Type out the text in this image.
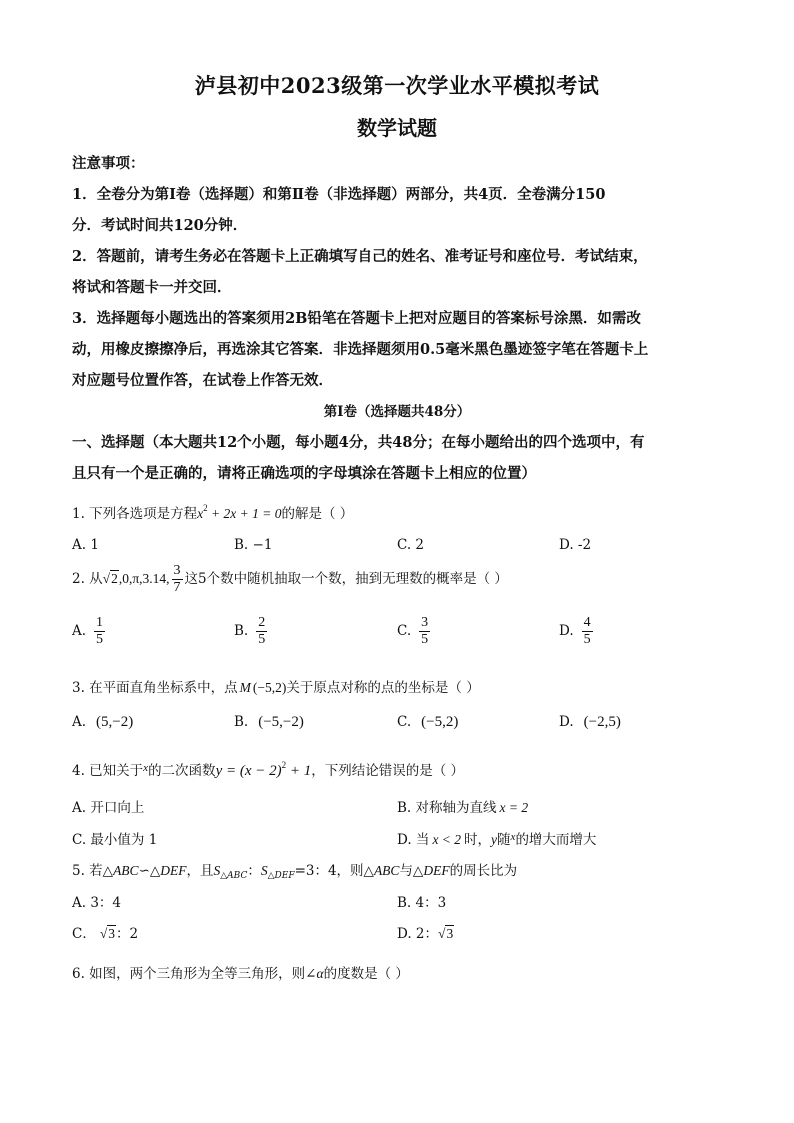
泸县初中2023级第一次学业水平模拟考试
数学试题
注意事项：
1．全卷分为第Ⅰ卷（选择题）和第Ⅱ卷（非选择题）两部分，共4页．全卷满分150
分．考试时间共120分钟．
2．答题前，请考生务必在答题卡上正确填写自己的姓名、准考证号和座位号．考试结束，
将试和答题卡一并交回．
3．选择题每小题选出的答案须用2B铅笔在答题卡上把对应题目的答案标号涂黑．如需改
动，用橡皮擦擦净后，再选涂其它答案．非选择题须用0.5毫米黑色墨迹签字笔在答题卡上
对应题号位置作答，在试卷上作答无效．
第Ⅰ卷（选择题共48分）
一、选择题（本大题共12个小题，每小题4分，共48分；在每小题给出的四个选项中，有
且只有一个是正确的，请将正确选项的字母填涂在答题卡上相应的位置）
1. 下列各选项是方程$x^2 + 2x + 1 = 0$的解是（ ）
A. 1	B. −1	C. 2	D. -2
2. 从√2,0,π,3.14, $\frac{3}{7}$ 这5个数中随机抽取一个数，抽到无理数的概率是（ ）
A. $\frac{1}{5}$	B. $\frac{2}{5}$	C. $\frac{3}{5}$	D. $\frac{4}{5}$
3. 在平面直角坐标系中，点 M (−5,2)关于原点对称的点的坐标是（ ）
A. (5,−2)	B. (−5,−2)	C. (−5,2)	D. (−2,5)
4. 已知关于$^x$的二次函数$y = (x - 2)^2 + 1$，下列结论错误的是（ ）
A. 开口向上	B. 对称轴为直线 x = 2
C. 最小值为 1	D. 当 x < 2 时，y随$^x$的增大而增大
5. 若△ABC∽△DEF，且$S_{\triangle ABC}$：$S_{\triangle DEF}=3$：4，则△ABC与△DEF的周长比为
A. 3：4	B. 4：3
C． √3：2	D. 2：√3
6. 如图，两个三角形为全等三角形，则∠α的度数是（ ）
